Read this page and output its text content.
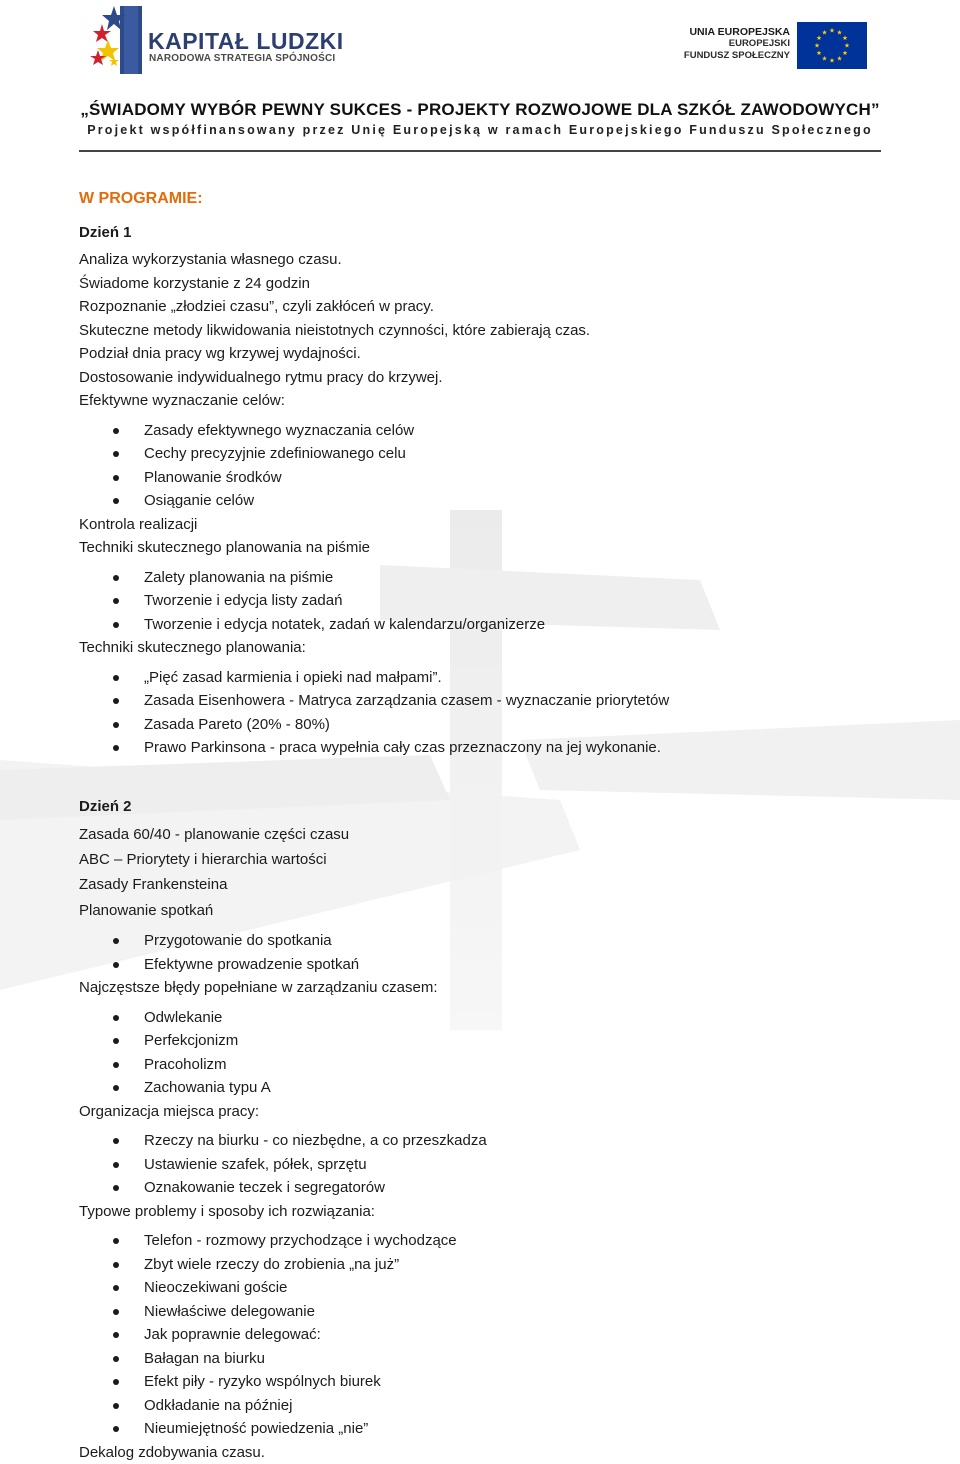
KAPITAŁ LUDZKI
NARODOWA STRATEGIA SPÓJNOŚCI
UNIA EUROPEJSKA
EUROPEJSKI
FUNDUSZ SPOŁECZNY
„ŚWIADOMY WYBÓR PEWNY SUKCES - PROJEKTY ROZWOJOWE DLA SZKÓŁ ZAWODOWYCH”
Projekt współfinansowany przez Unię Europejską w ramach Europejskiego Funduszu Społecznego
W PROGRAMIE:
Dzień 1
Analiza wykorzystania własnego czasu.
Świadome korzystanie z 24 godzin
Rozpoznanie „złodziei czasu”, czyli zakłóceń w pracy.
Skuteczne metody likwidowania nieistotnych czynności, które zabierają czas.
Podział dnia pracy wg krzywej wydajności.
Dostosowanie indywidualnego rytmu pracy do krzywej.
Efektywne wyznaczanie celów:
Zasady efektywnego wyznaczania celów
Cechy precyzyjnie zdefiniowanego celu
Planowanie środków
Osiąganie celów
Kontrola realizacji
Techniki skutecznego planowania na piśmie
Zalety planowania na piśmie
Tworzenie i edycja listy zadań
Tworzenie i edycja notatek, zadań w kalendarzu/organizerze
Techniki skutecznego planowania:
„Pięć zasad karmienia i opieki nad małpami”.
Zasada Eisenhowera - Matryca zarządzania czasem - wyznaczanie priorytetów
Zasada Pareto (20% - 80%)
Prawo Parkinsona - praca wypełnia cały czas przeznaczony na jej wykonanie.
Dzień 2
Zasada 60/40 - planowanie części czasu
ABC – Priorytety i hierarchia wartości
Zasady Frankensteina
Planowanie spotkań
Przygotowanie do spotkania
Efektywne prowadzenie spotkań
Najczęstsze błędy popełniane w zarządzaniu czasem:
Odwlekanie
Perfekcjonizm
Pracoholizm
Zachowania typu A
Organizacja miejsca pracy:
Rzeczy na biurku - co niezbędne, a co przeszkadza
Ustawienie szafek, półek, sprzętu
Oznakowanie teczek i segregatorów
Typowe problemy i sposoby ich rozwiązania:
Telefon - rozmowy przychodzące i wychodzące
Zbyt wiele rzeczy do zrobienia „na już”
Nieoczekiwani goście
Niewłaściwe delegowanie
Jak poprawnie delegować:
Bałagan na biurku
Efekt piły - ryzyko wspólnych biurek
Odkładanie na później
Nieumiejętność powiedzenia „nie”
Dekalog zdobywania czasu.
